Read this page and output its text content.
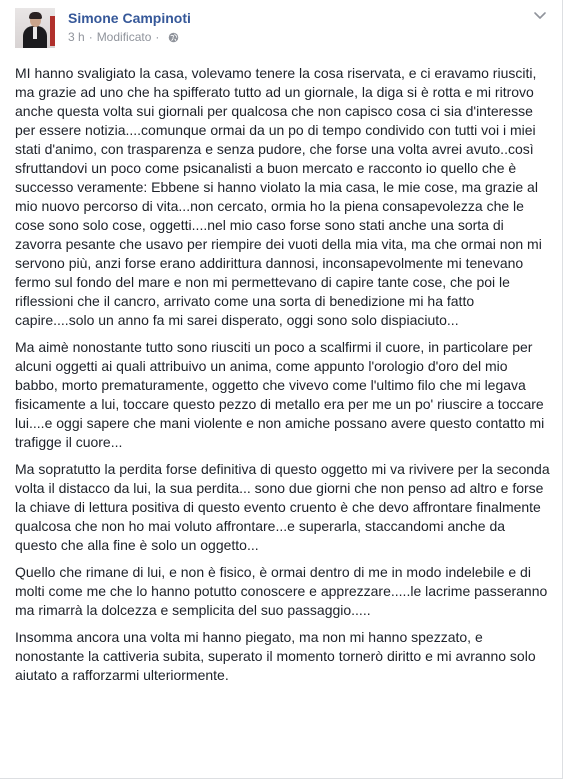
Simone Campinoti
3 h · Modificato ·

MI hanno svaligiato la casa, volevamo tenere la cosa riservata, e ci eravamo riusciti, ma grazie ad uno che ha spifferato tutto ad un giornale, la diga si è rotta e mi ritrovo anche questa volta sui giornali per qualcosa che non capisco cosa ci sia d'interesse per essere notizia....comunque ormai da un po di tempo condivido con tutti voi i miei stati d'animo, con trasparenza e senza pudore, che forse una volta avrei avuto..così sfruttandovi un poco come psicanalisti a buon mercato e racconto io quello che è successo veramente: Ebbene si hanno violato la mia casa, le mie cose, ma grazie al mio nuovo percorso di vita...non cercato, ormia ho la piena consapevolezza che le cose sono solo cose, oggetti....nel mio caso forse sono stati anche una sorta di zavorra pesante che usavo per riempire dei vuoti della mia vita, ma che ormai non mi servono più, anzi forse erano addirittura dannosi, inconsapevolmente mi tenevano fermo sul fondo del mare e non mi permettevano di capire tante cose, che poi le riflessioni che il cancro, arrivato come una sorta di benedizione mi ha fatto capire....solo un anno fa mi sarei disperato, oggi sono solo dispiaciuto...

Ma aimè nonostante tutto sono riusciti un poco a scalfirmi il cuore, in particolare per alcuni oggetti ai quali attribuivo un anima, come appunto l'orologio d'oro del mio babbo, morto prematuramente, oggetto che vivevo come l'ultimo filo che mi legava fisicamente a lui, toccare questo pezzo di metallo era per me un po' riuscire a toccare lui....e oggi sapere che mani violente e non amiche possano avere questo contatto mi trafigge il cuore...

Ma sopratutto la perdita forse definitiva di questo oggetto mi va rivivere per la seconda volta il distacco da lui, la sua perdita... sono due giorni che non penso ad altro e forse la chiave di lettura positiva di questo evento cruento è che devo affrontare finalmente qualcosa che non ho mai voluto affrontare...e superarla, staccandomi anche da questo che alla fine è solo un oggetto...

Quello che rimane di lui, e non è fisico, è ormai dentro di me in modo indelebile e di molti come me che lo hanno potutto conoscere e apprezzare.....le lacrime passeranno ma rimarrà la dolcezza e semplicita del suo passaggio.....

Insomma ancora una volta mi hanno piegato, ma non mi hanno spezzato, e nonostante la cattiveria subita, superato il momento tornerò diritto e mi avranno solo aiutato a rafforzarmi ulteriormente.
